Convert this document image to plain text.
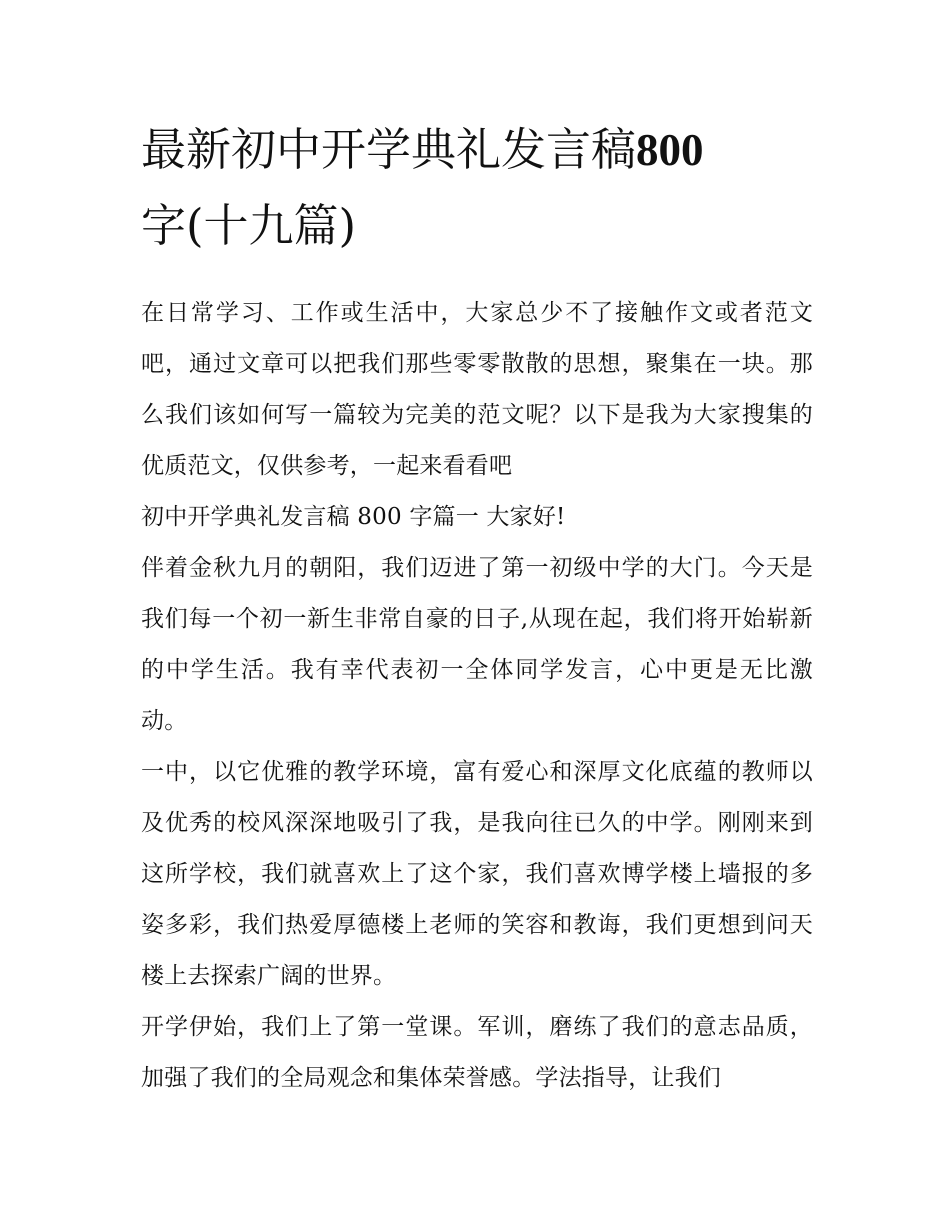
最新初中开学典礼发言稿800
字(十九篇)

在日常学习、工作或生活中，大家总少不了接触作文或者范文吧，通过文章可以把我们那些零零散散的思想，聚集在一块。那么我们该如何写一篇较为完美的范文呢？以下是我为大家搜集的优质范文，仅供参考，一起来看看吧

初中开学典礼发言稿 800 字篇一 大家好!

伴着金秋九月的朝阳，我们迈进了第一初级中学的大门。今天是我们每一个初一新生非常自豪的日子,从现在起，我们将开始崭新的中学生活。我有幸代表初一全体同学发言，心中更是无比激动。

一中，以它优雅的教学环境，富有爱心和深厚文化底蕴的教师以及优秀的校风深深地吸引了我，是我向往已久的中学。刚刚来到这所学校，我们就喜欢上了这个家，我们喜欢博学楼上墙报的多姿多彩，我们热爱厚德楼上老师的笑容和教诲，我们更想到问天楼上去探索广阔的世界。

开学伊始，我们上了第一堂课。军训，磨练了我们的意志品质，加强了我们的全局观念和集体荣誉感。学法指导，让我们
